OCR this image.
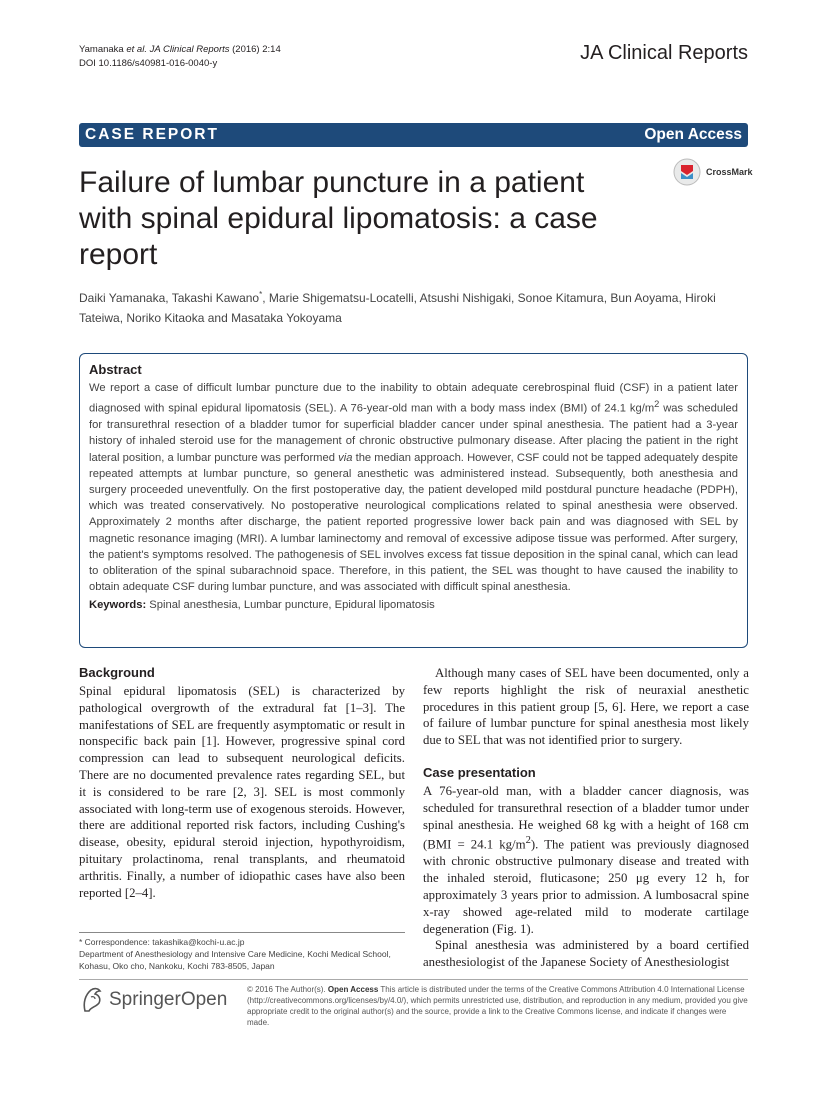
Yamanaka et al. JA Clinical Reports (2016) 2:14
DOI 10.1186/s40981-016-0040-y	JA Clinical Reports
CASE REPORT	Open Access
Failure of lumbar puncture in a patient with spinal epidural lipomatosis: a case report
CrossMark
Daiki Yamanaka, Takashi Kawano*, Marie Shigematsu-Locatelli, Atsushi Nishigaki, Sonoe Kitamura, Bun Aoyama, Hiroki Tateiwa, Noriko Kitaoka and Masataka Yokoyama
Abstract

We report a case of difficult lumbar puncture due to the inability to obtain adequate cerebrospinal fluid (CSF) in a patient later diagnosed with spinal epidural lipomatosis (SEL). A 76-year-old man with a body mass index (BMI) of 24.1 $kg/m^2$ was scheduled for transurethral resection of a bladder tumor for superficial bladder cancer under spinal anesthesia. The patient had a 3-year history of inhaled steroid use for the management of chronic obstructive pulmonary disease. After placing the patient in the right lateral position, a lumbar puncture was performed via the median approach. However, CSF could not be tapped adequately despite repeated attempts at lumbar puncture, so general anesthetic was administered instead. Subsequently, both anesthesia and surgery proceeded uneventfully. On the first postoperative day, the patient developed mild postdural puncture headache (PDPH), which was treated conservatively. No postoperative neurological complications related to spinal anesthesia were observed. Approximately 2 months after discharge, the patient reported progressive lower back pain and was diagnosed with SEL by magnetic resonance imaging (MRI). A lumbar laminectomy and removal of excessive adipose tissue was performed. After surgery, the patient's symptoms resolved. The pathogenesis of SEL involves excess fat tissue deposition in the spinal canal, which can lead to obliteration of the spinal subarachnoid space. Therefore, in this patient, the SEL was thought to have caused the inability to obtain adequate CSF during lumbar puncture, and was associated with difficult spinal anesthesia.

Keywords: Spinal anesthesia, Lumbar puncture, Epidural lipomatosis

Background

Spinal epidural lipomatosis (SEL) is characterized by pathological overgrowth of the extradural fat [1–3]. The manifestations of SEL are frequently asymptomatic or result in nonspecific back pain [1]. However, progressive spinal cord compression can lead to subsequent neurological deficits. There are no documented prevalence rates regarding SEL, but it is considered to be rare [2, 3]. SEL is most commonly associated with long-term use of exogenous steroids. However, there are additional reported risk factors, including Cushing's disease, obesity, epidural steroid injection, hypothyroidism, pituitary prolactinoma, renal transplants, and rheumatoid arthritis. Finally, a number of idiopathic cases have also been reported [2–4].

Although many cases of SEL have been documented, only a few reports highlight the risk of neuraxial anesthetic procedures in this patient group [5, 6]. Here, we report a case of failure of lumbar puncture for spinal anesthesia most likely due to SEL that was not identified prior to surgery.

Case presentation

A 76-year-old man, with a bladder cancer diagnosis, was scheduled for transurethral resection of a bladder tumor under spinal anesthesia. He weighed 68 kg with a height of 168 cm (BMI = 24.1 $kg/m^2$). The patient was previously diagnosed with chronic obstructive pulmonary disease and treated with the inhaled steroid, fluticasone; 250 μg every 12 h, for approximately 3 years prior to admission. A lumbosacral spine x-ray showed age-related mild to moderate cartilage degeneration (Fig. 1).

Spinal anesthesia was administered by a board certified anesthesiologist of the Japanese Society of Anesthesiologist

* Correspondence: takashika@kochi-u.ac.jp
Department of Anesthesiology and Intensive Care Medicine, Kochi Medical School, Kohasu, Oko cho, Nankoku, Kochi 783-8505, Japan
SpringerOpen © 2016 The Author(s). Open Access This article is distributed under the terms of the Creative Commons Attribution 4.0 International License (http://creativecommons.org/licenses/by/4.0/), which permits unrestricted use, distribution, and reproduction in any medium, provided you give appropriate credit to the original author(s) and the source, provide a link to the Creative Commons license, and indicate if changes were made.
